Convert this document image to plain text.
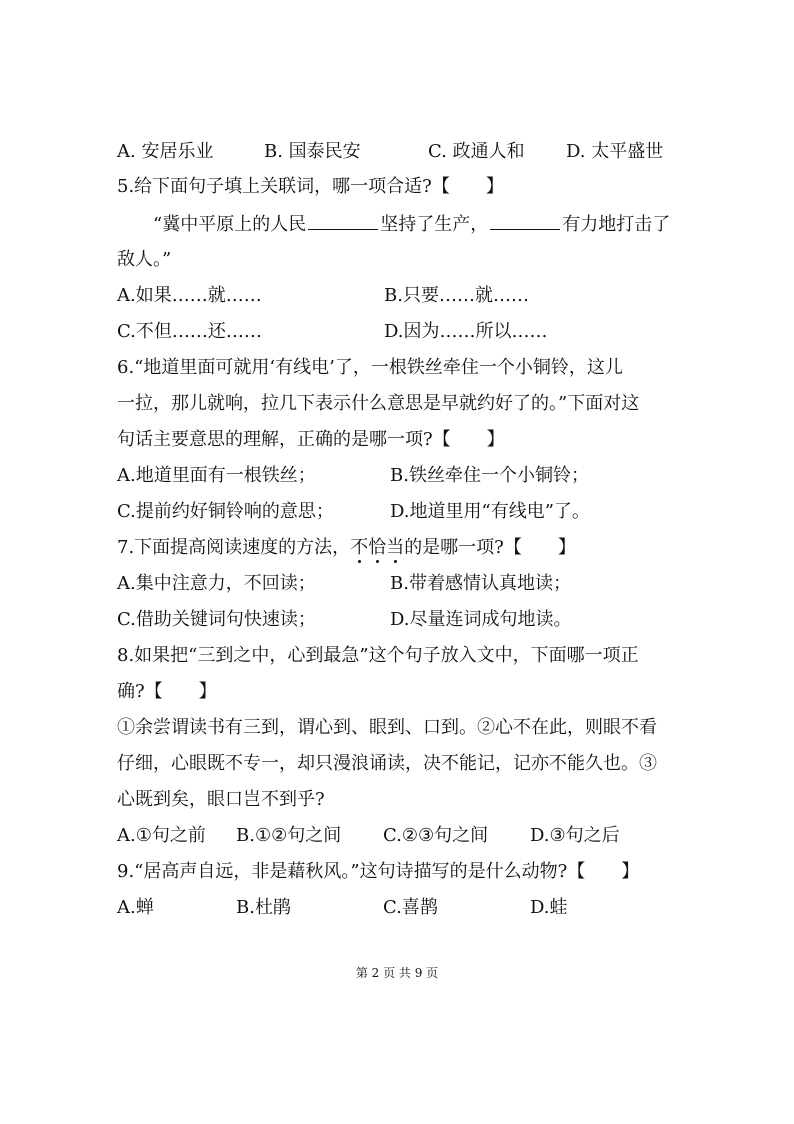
A. 安居乐业	B. 国泰民安	C. 政通人和 D. 太平盛世
5.给下面句子填上关联词，哪一项合适?【　　】
“冀中平原上的人民	坚持了生产，	有力地打击了
敌人。”
A.如果……就……	B.只要……就……
C.不但……还……	D.因为……所以……
6.“地道里面可就用‘有线电’了，一根铁丝牵住一个小铜铃，这儿
一拉，那儿就响，拉几下表示什么意思是早就约好了的。”下面对这
句话主要意思的理解，正确的是哪一项?【　　】
A.地道里面有一根铁丝；	B.铁丝牵住一个小铜铃；
C.提前约好铜铃响的意思；	D.地道里用“有线电”了。
7.下面提高阅读速度的方法，不恰当的是哪一项?【　　】
A.集中注意力，不回读；	B.带着感情认真地读；
C.借助关键词句快速读；	D.尽量连词成句地读。
8.如果把“三到之中，心到最急”这个句子放入文中，下面哪一项正
确?【　　】
①余尝谓读书有三到，谓心到、眼到、口到。②心不在此，则眼不看
仔细，心眼既不专一，却只漫浪诵读，决不能记，记亦不能久也。③
心既到矣，眼口岂不到乎?
A.①句之前 B.①②句之间 C.②③句之间 D.③句之后
9.“居高声自远，非是藉秋风。”这句诗描写的是什么动物?【　　】
A.蝉	B.杜鹃	C.喜鹊	D.蛙
第 2 页 共 9 页
